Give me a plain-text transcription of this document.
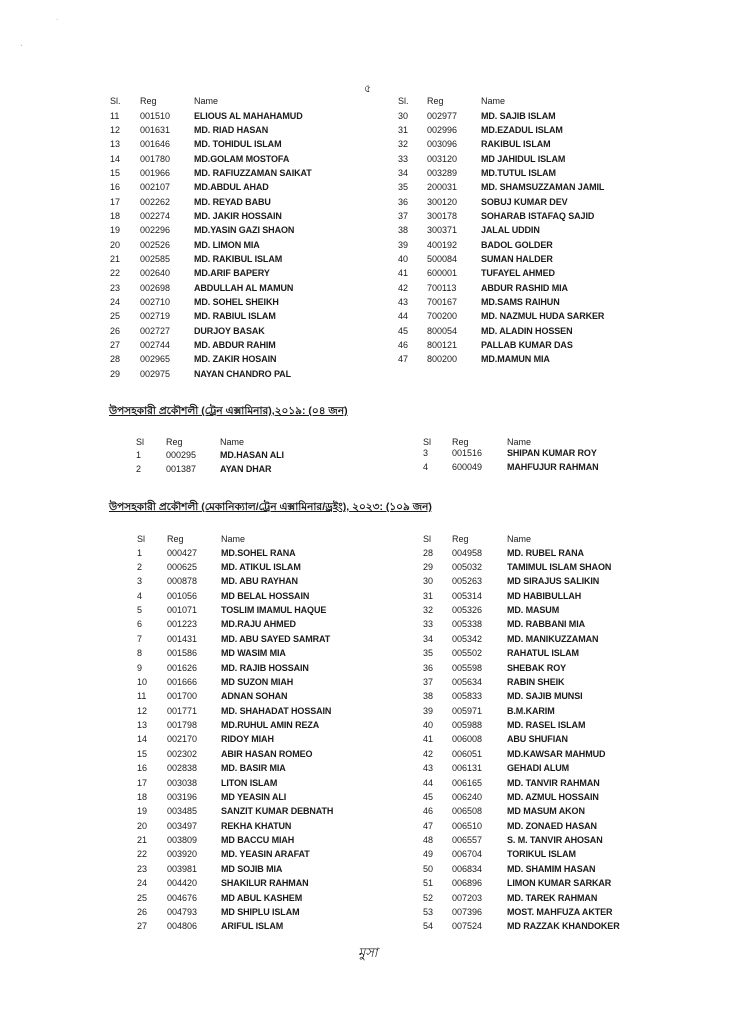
˙
ˎ
৫
Sl. Reg	Name	Sl. Reg	Name
11 001510	ELIOUS AL MAHAHAMUD
12 001631	MD. RIAD HASAN
13 001646	MD. TOHIDUL ISLAM
14 001780	MD.GOLAM MOSTOFA
15 001966	MD. RAFIUZZAMAN SAIKAT
16 002107	MD.ABDUL AHAD
17 002262	MD. REYAD BABU
18 002274	MD. JAKIR HOSSAIN
19 002296	MD.YASIN GAZI SHAON
20 002526	MD. LIMON MIA
21 002585	MD. RAKIBUL ISLAM
22 002640	MD.ARIF BAPERY
23 002698	ABDULLAH AL MAMUN
24 002710	MD. SOHEL SHEIKH
25 002719	MD. RABIUL ISLAM
26 002727	DURJOY BASAK
27 002744	MD. ABDUR RAHIM
28 002965	MD. ZAKIR HOSAIN
29 002975	NAYAN CHANDRO PAL
30 002977	MD. SAJIB ISLAM
31 002996	MD.EZADUL ISLAM
32 003096	RAKIBUL ISLAM
33 003120	MD JAHIDUL ISLAM
34 003289	MD.TUTUL ISLAM
35 200031	MD. SHAMSUZZAMAN JAMIL
36 300120	SOBUJ KUMAR DEV
37 300178	SOHARAB ISTAFAQ SAJID
38 300371	JALAL UDDIN
39 400192	BADOL GOLDER
40 500084	SUMAN HALDER
41 600001	TUFAYEL AHMED
42 700113	ABDUR RASHID MIA
43 700167	MD.SAMS RAIHUN
44 700200	MD. NAZMUL HUDA SARKER
45 800054	MD. ALADIN HOSSEN
46 800121	PALLAB KUMAR DAS
47 800200	MD.MAMUN MIA
উপসহকারী প্রকৌশলী (ট্রেন এক্সামিনার),২০১৯: (০৪ জন)
Sl Reg	Name	Sl Reg	Name
1	000295	MD.HASAN ALI
2	001387	AYAN DHAR
3	001516	SHIPAN KUMAR ROY
4	600049	MAHFUJUR RAHMAN
উপসহকারী প্রকৌশলী (মেকানিক্যাল/ট্রেন এক্সামিনার/ড্রইং), ২০২৩: (১০৯ জন)
Sl Reg	Name	Sl Reg	Name
1	000427	MD.SOHEL RANA
2	000625	MD. ATIKUL ISLAM
3	000878	MD. ABU RAYHAN
4	001056	MD BELAL HOSSAIN
5	001071	TOSLIM IMAMUL HAQUE
6	001223	MD.RAJU AHMED
7	001431	MD. ABU SAYED SAMRAT
8	001586	MD WASIM MIA
9	001626	MD. RAJIB HOSSAIN
10 001666	MD SUZON MIAH
11 001700	ADNAN SOHAN
12 001771	MD. SHAHADAT HOSSAIN
13 001798	MD.RUHUL AMIN REZA
14 002170	RIDOY MIAH
15 002302	ABIR HASAN ROMEO
16 002838	MD. BASIR MIA
17 003038	LITON ISLAM
18 003196	MD YEASIN ALI
19 003485	SANZIT KUMAR DEBNATH
20 003497	REKHA KHATUN
21 003809	MD BACCU MIAH
22 003920	MD. YEASIN ARAFAT
23 003981	MD SOJIB MIA
24 004420	SHAKILUR RAHMAN
25 004676	MD ABUL KASHEM
26 004793	MD SHIPLU ISLAM
27 004806	ARIFUL ISLAM
28 004958	MD. RUBEL RANA
29 005032	TAMIMUL ISLAM SHAON
30 005263	MD SIRAJUS SALIKIN
31 005314	MD HABIBULLAH
32 005326	MD. MASUM
33 005338	MD. RABBANI MIA
34 005342	MD. MANIKUZZAMAN
35 005502	RAHATUL ISLAM
36 005598	SHEBAK ROY
37 005634	RABIN SHEIK
38 005833	MD. SAJIB MUNSI
39 005971	B.M.KARIM
40 005988	MD. RASEL ISLAM
41 006008	ABU SHUFIAN
42 006051	MD.KAWSAR MAHMUD
43 006131	GEHADI ALUM
44 006165	MD. TANVIR RAHMAN
45 006240	MD. AZMUL HOSSAIN
46 006508	MD MASUM AKON
47 006510	MD. ZONAED HASAN
48 006557	S. M. TANVIR AHOSAN
49 006704	TORIKUL ISLAM
50 006834	MD. SHAMIM HASAN
51 006896	LIMON KUMAR SARKAR
52 007203	MD. TAREK RAHMAN
53 007396	MOST. MAHFUZA AKTER
54 007524	MD RAZZAK KHANDOKER
মুসা
